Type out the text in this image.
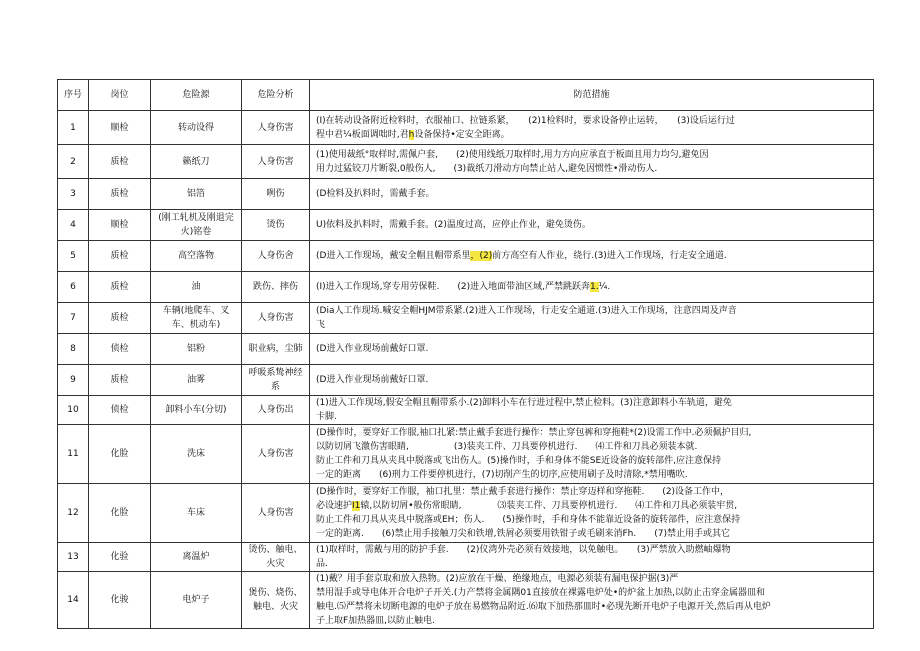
序号	岗位	危险源	危险分析	防范措施
1	顺检	转动设得	人身伤害	(I)在转动设备附近检料时，衣服袖口、拉链系紧，　　(2)1检料时，要求设备停止运转，　　(3)设后运行过
程中君¼板面调咄时,君h设备保持•定安全距离。

2	质检	籁纸刀	人身伤害	(1)使用裁纸°取样时,需佩户套,　　(2)使用线纸刀取样时,用力方向应承直于板面且用力均匀,避免因
用力过猛铰刀片断裂,0般伤人,　　(3)裁纸刀滑动方向禁止站人,避免因惯性•滑动伤人.

3	质检	铝箔	咧伤	(D检料及扒料时，需戴手套。

4	顺检	(刚工轧机及刚退完火)铭卷	烫伤	U)依料及扒料时，需戴手套。(2)温度过高，应停止作业，避免烫伤。

5	质检	高空落物	人身伤舍	(D进入工作现场，戴安全帽且帽带系里，(2)前方高空有人作业，绕行.(3)进入工作现场，行走安全通道.

6	质检	油	跌伤、摔伤	(I)进入工作现场,穿专用劳保鞋.　　(2)进入地面带油区域,严禁跳跃奔1.¼.

7	质检	车辆(地爬车、叉车、机动车)	人身伤害	(Dia人工作现场.喊安全帽HJM带系紧.(2)进入工作现场，行走安全通道.(3)进入工作现场，注意四周及声音
飞

8	侦检	铝粉	职业病，尘肺	(D进入作业现场前戴好口罩.

9	质检	油雾	呼吸系鸷神经系	(D进入作业现场前戴好口罩.

10	侦检	卸料小车(分切)	人身伤岀	(1)进入工作现场,假安全帽且帽带系小.(2)卸料小车在行进过程中,禁止检料。(3)注意卸料小车轨道，避免
卡脚.

11	化脸	洗床	人身伤害	(D操作时，要穿好工作服,袖口扎紧:禁止戴手套进行操作：禁止穿包裤和穿拖鞋*(2)设需工作中.必须佩护目归,
以防切屑飞激伤害眼睛,　　　　　(3)装夹工件、刀具要停机进行.　　⑷工件和刀具必须装本就.
防止工件和刀具从夹具中脱落或飞出伤人。(5)操作时，手和身体不能SE近设备的旋转部件,应注意保持
一定的距离　　(6)刑力工件要停机进行，(7)切削产生的切序,应使用刷子及时清除,*禁用嘴吹.

12	化脸	车床	人身伤害	(D操作时，要穿好工作服，袖口扎里：禁止戴手套进行操作：禁止穿迈样和穿拖鞋.　　(2)设备工作中，
必设速护I1辕,以防切屑•般伤常眼睛,　　　　⑶装夹工件、刀具要停机进行.　　⑷工件和刀具必须装牢贯,
防止工件和刀具从夹具中脱落或EH；伤人.　　(5)操作时，手和身体不能靠近设备的旋转部件，应注意保持
一定的距离.　　(6)禁止用手接触刀尖和铁增,铁屑必须要用铁钳子或毛刷来消Fh.　　(7)禁止用手或其它

13	化验	离温炉	烫伤、触电、火灾	(1)取样时，需戴与用的防护手套.　　(2)仪湾外壳必须有效接地，以免触电。　　(3)严禁放入助燃岫爆物
品.

14	化骏	电炉子	煲伤、烧伤、触电、火灾	(1)戴？用手套京取和放入热物。(2)应放在干燥、绝缘地点，电源必须装有漏电保护据(3)严
禁用湿手或导电体开合电炉子开关.(力产禁将金属隅01直接放在裸露电炉处•的炉盆上加热,以防止击穿金属器皿和
触电.⑸严禁将未切断电源的电炉子放在易燃物品附近.⑹取下加热那皿时•必现先断开电炉子电源开关,然后再从电炉
子上取F加热器皿,以防止触电.
